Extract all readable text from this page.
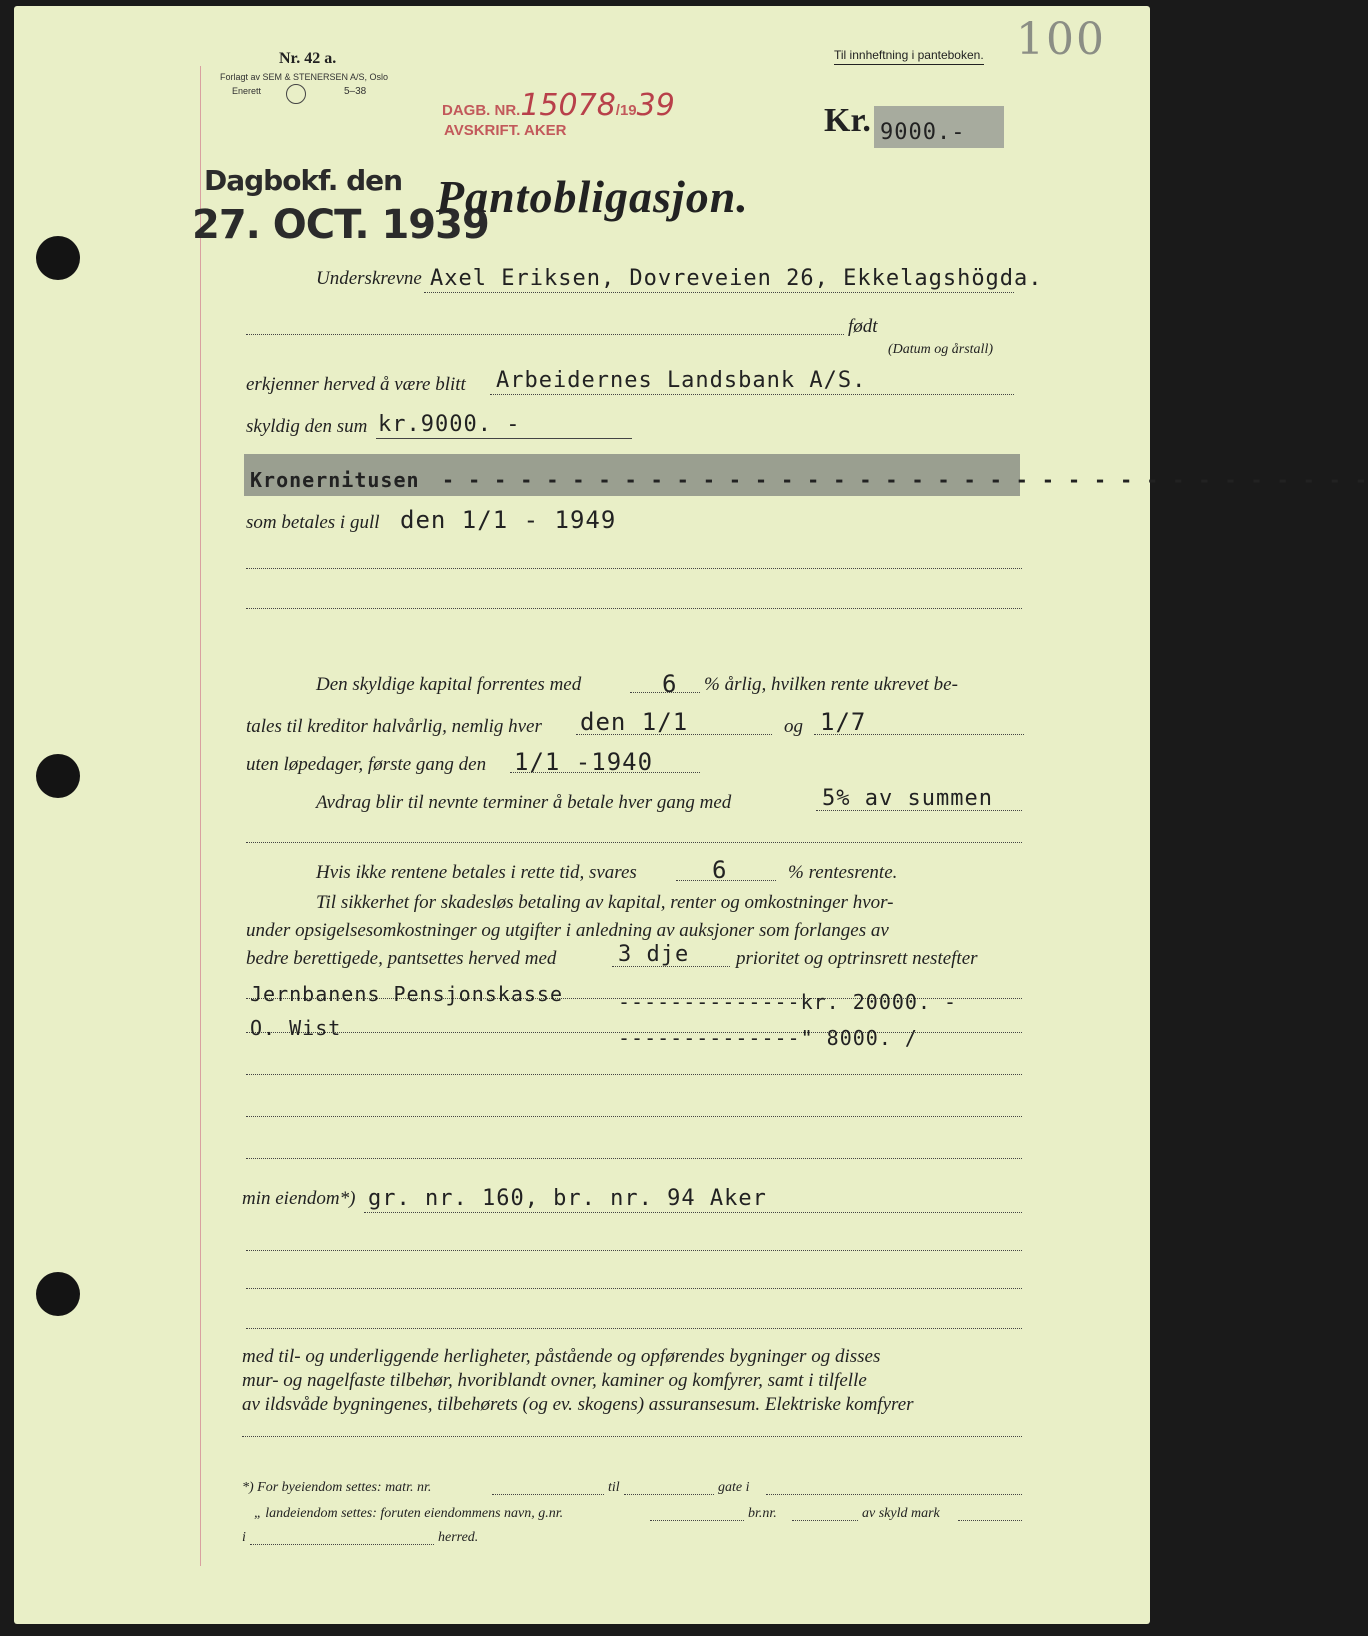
100
Nr. 42 a.
Forlagt av SEM & STENERSEN A/S, Oslo
Enerett	5–38
Til innheftning i panteboken.
DAGB. NR.15078/1939
AVSKRIFT. AKER	Kr. 9000.-
Dagbokf. den
27. OCT. 1939
Pantobligasjon.
Underskrevne Axel Eriksen, Dovreveien 26, Ekkelagshögda.
født
(Datum og årstall)
erkjenner herved å være blitt Arbeidernes Landsbank A/S.
skyldig den sum kr.9000. -
Kronernitusen - - - - - - - - - - - - - - - - - - - - - - - - - - - - - - - - - - - -
som betales i gull den 1/1 - 1949
Den skyldige kapital forrentes med	6 % årlig, hvilken rente ukrevet be-
tales til kreditor halvårlig, nemlig hver den 1/1	og 1/7
uten løpedager, første gang den 1/1 -1940
Avdrag blir til nevnte terminer å betale hver gang med	5% av summen
Hvis ikke rentene betales i rette tid, svares	6	% rentesrente.
Til sikkerhet for skadesløs betaling av kapital, renter og omkostninger hvor-
under opsigelsesomkostninger og utgifter i anledning av auksjoner som forlanges av
bedre berettigede, pantsettes herved med	3 dje prioritet og optrinsrett nestefter
Jernbanens Pensjonskasse	--------------kr. 20000. -
O. Wist	--------------" 8000. /
min eiendom*) gr. nr. 160, br. nr. 94 Aker
med til- og underliggende herligheter, påstående og opførendes bygninger og disses
mur- og nagelfaste tilbehør, hvoriblandt ovner, kaminer og komfyrer, samt i tilfelle
av ildsvåde bygningenes, tilbehørets (og ev. skogens) assuransesum. Elektriske komfyrer
*) For byeiendom settes: matr. nr.	til	gate i
„ landeiendom settes: foruten eiendommens navn, g.nr.	br.nr.	av skyld mark
i	herred.
